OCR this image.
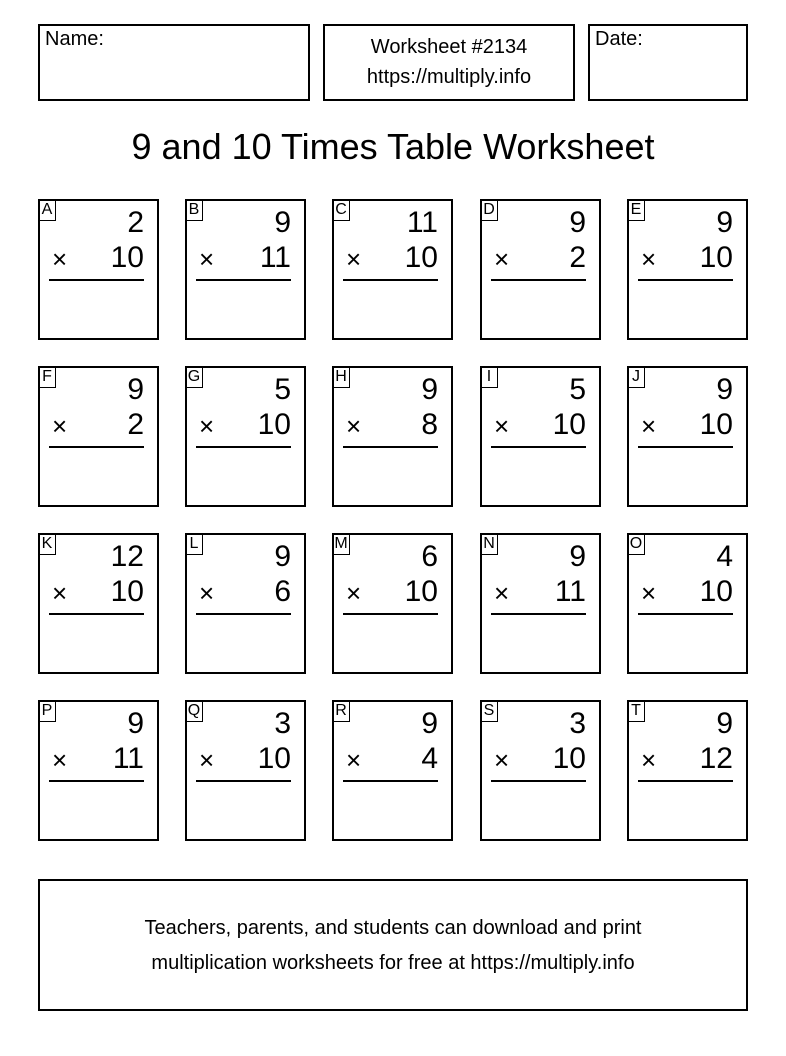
Name:	Worksheet #2134
https://multiply.info
Date:
9 and 10 Times Table Worksheet
A 2
× 10
B 9
× 11
C 11
× 10
D 9
× 2
E 9
× 10
F	9
× 2
G 5
× 10
H 9
× 8
I	5
× 10
J	9
× 10
K 12
× 10
L	9
× 6
M 6
× 10
N 9
× 11
O 4
× 10
P 9
× 11
Q 3
× 10
R 9
× 4
S 3
× 10
T	9
× 12
Teachers, parents, and students can download and print
multiplication worksheets for free at https://multiply.info
